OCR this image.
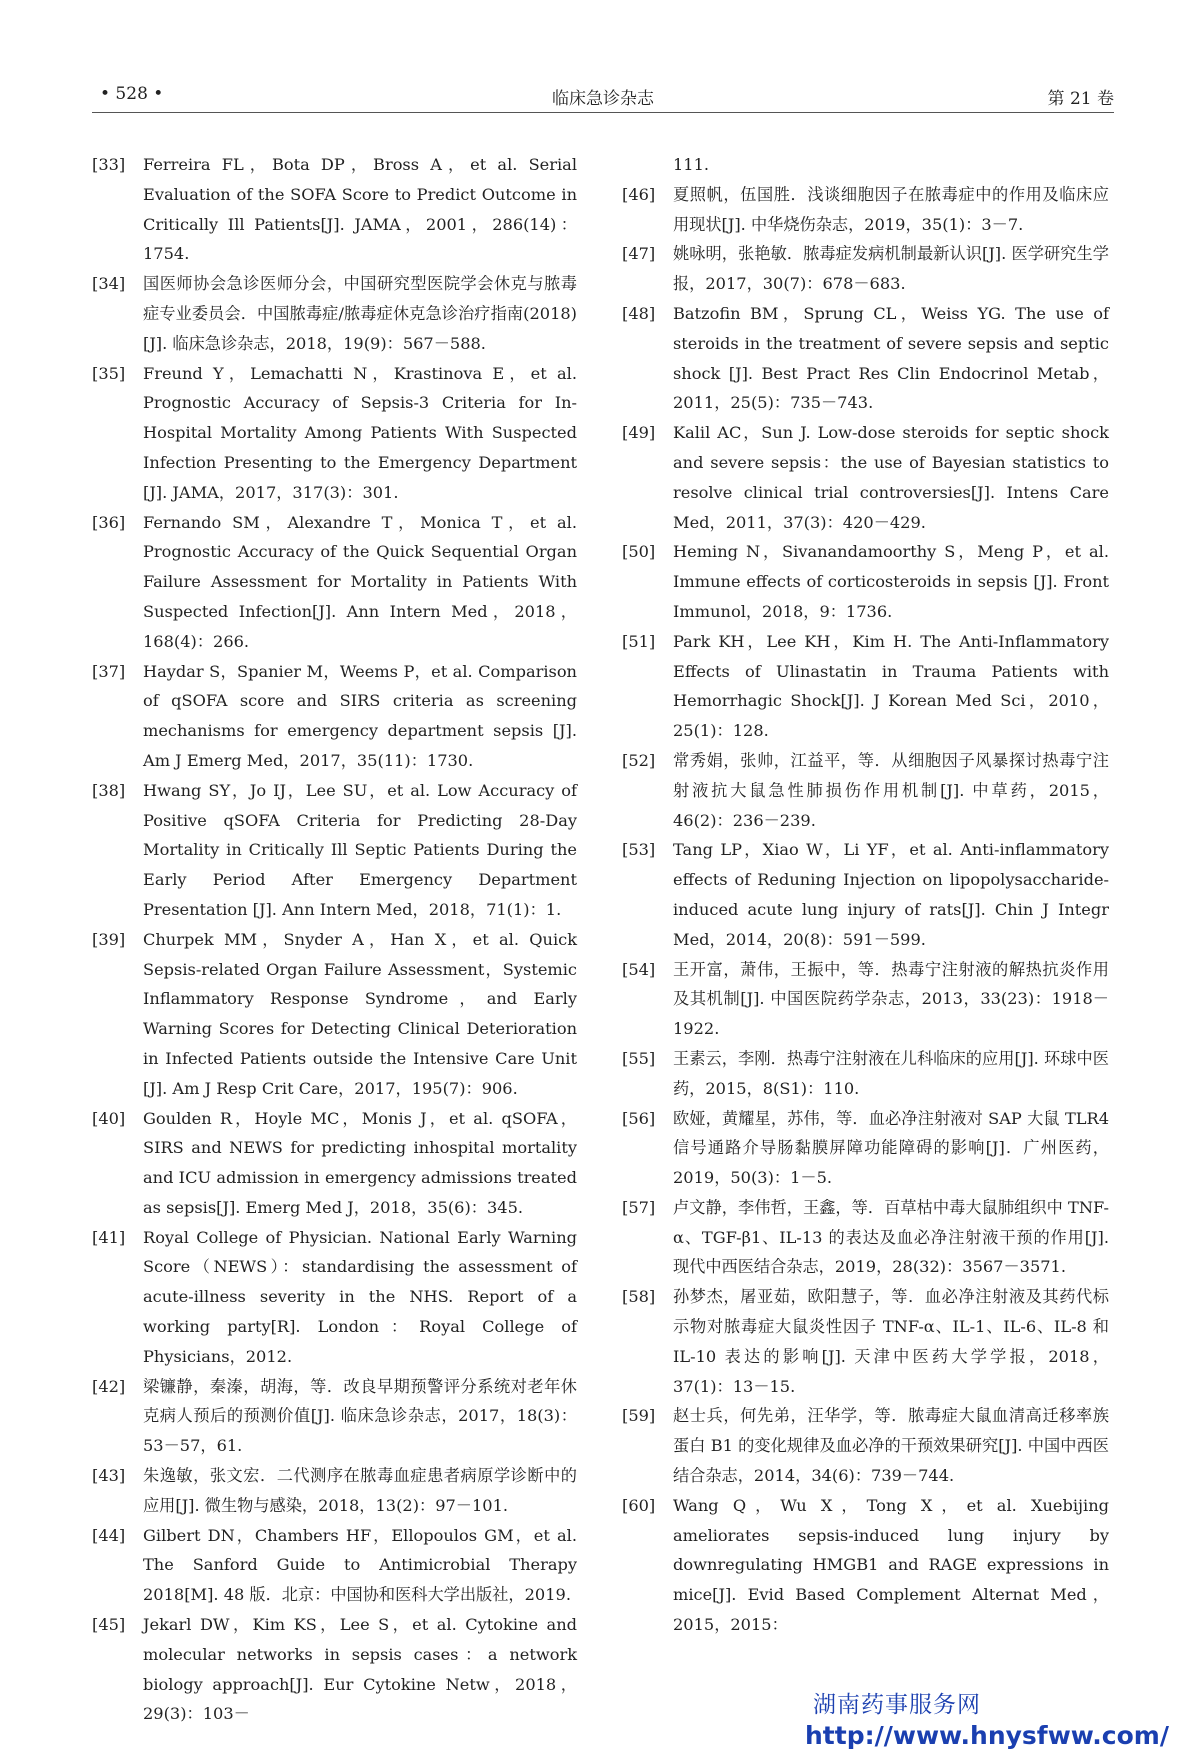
• 528 •	临床急诊杂志	第 21 卷

[33] Ferreira FL，Bota DP，Bross A，et al. Serial Evaluation of the SOFA Score to Predict Outcome in Critically Ill Patients[J]. JAMA，2001，286(14)：1754.

[34] 国医师协会急诊医师分会，中国研究型医院学会休克与脓毒症专业委员会．中国脓毒症/脓毒症休克急诊治疗指南(2018)[J]. 临床急诊杂志，2018，19(9)：567－588.

[35] Freund Y，Lemachatti N，Krastinova E，et al. Prognostic Accuracy of Sepsis-3 Criteria for In-Hospital Mortality Among Patients With Suspected Infection Presenting to the Emergency Department [J]. JAMA，2017，317(3)：301.

[36] Fernando SM，Alexandre T，Monica T，et al. Prognostic Accuracy of the Quick Sequential Organ Failure Assessment for Mortality in Patients With Suspected Infection[J]. Ann Intern Med，2018，168(4)：266.

[37] Haydar S，Spanier M，Weems P，et al. Comparison of qSOFA score and SIRS criteria as screening mechanisms for emergency department sepsis [J]. Am J Emerg Med，2017，35(11)：1730.

[38] Hwang SY，Jo IJ，Lee SU，et al. Low Accuracy of Positive qSOFA Criteria for Predicting 28-Day Mortality in Critically Ill Septic Patients During the Early Period After Emergency Department Presentation [J]. Ann Intern Med，2018，71(1)：1.

[39] Churpek MM，Snyder A，Han X，et al. Quick Sepsis-related Organ Failure Assessment，Systemic Inflammatory Response Syndrome，and Early Warning Scores for Detecting Clinical Deterioration in Infected Patients outside the Intensive Care Unit [J]. Am J Resp Crit Care，2017，195(7)：906.

[40] Goulden R，Hoyle MC，Monis J，et al. qSOFA，SIRS and NEWS for predicting inhospital mortality and ICU admission in emergency admissions treated as sepsis[J]. Emerg Med J，2018，35(6)：345.

[41] Royal College of Physician. National Early Warning Score（NEWS）：standardising the assessment of acute-illness severity in the NHS. Report of a working party[R]. London：Royal College of Physicians，2012.

[42] 梁镰静，秦溱，胡海，等．改良早期预警评分系统对老年休克病人预后的预测价值[J]. 临床急诊杂志，2017，18(3)：53－57，61.

[43] 朱逸敏，张文宏．二代测序在脓毒血症患者病原学诊断中的应用[J]. 微生物与感染，2018，13(2)：97－101.

[44] Gilbert DN，Chambers HF，Ellopoulos GM，et al. The Sanford Guide to Antimicrobial Therapy 2018[M]. 48 版．北京：中国协和医科大学出版社，2019.

[45] Jekarl DW，Kim KS，Lee S，et al. Cytokine and molecular networks in sepsis cases：a network biology approach[J]. Eur Cytokine Netw，2018，29(3)：103－

111.

[46] 夏照帆，伍国胜．浅谈细胞因子在脓毒症中的作用及临床应用现状[J]. 中华烧伤杂志，2019，35(1)：3－7.

[47] 姚咏明，张艳敏．脓毒症发病机制最新认识[J]. 医学研究生学报，2017，30(7)：678－683.

[48] Batzofin BM，Sprung CL，Weiss YG. The use of steroids in the treatment of severe sepsis and septic shock [J]. Best Pract Res Clin Endocrinol Metab，2011，25(5)：735－743.

[49] Kalil AC，Sun J. Low-dose steroids for septic shock and severe sepsis：the use of Bayesian statistics to resolve clinical trial controversies[J]. Intens Care Med，2011，37(3)：420－429.

[50] Heming N，Sivanandamoorthy S，Meng P，et al. Immune effects of corticosteroids in sepsis [J]. Front Immunol，2018，9：1736.

[51] Park KH，Lee KH，Kim H. The Anti-Inflammatory Effects of Ulinastatin in Trauma Patients with Hemorrhagic Shock[J]. J Korean Med Sci，2010，25(1)：128.

[52] 常秀娟，张帅，江益平，等．从细胞因子风暴探讨热毒宁注射液抗大鼠急性肺损伤作用机制[J]. 中草药，2015，46(2)：236－239.

[53] Tang LP，Xiao W，Li YF，et al. Anti-inflammatory effects of Reduning Injection on lipopolysaccharide-induced acute lung injury of rats[J]. Chin J Integr Med，2014，20(8)：591－599.

[54] 王开富，萧伟，王振中，等．热毒宁注射液的解热抗炎作用及其机制[J]. 中国医院药学杂志，2013，33(23)：1918－1922.

[55] 王素云，李刚．热毒宁注射液在儿科临床的应用[J]. 环球中医药，2015，8(S1)：110.

[56] 欧娅，黄耀星，苏伟，等．血必净注射液对 SAP 大鼠 TLR4 信号通路介导肠黏膜屏障功能障碍的影响[J]．广州医药，2019，50(3)：1－5.

[57] 卢文静，李伟哲，王鑫，等．百草枯中毒大鼠肺组织中 TNF-α、TGF-β1、IL-13 的表达及血必净注射液干预的作用[J]. 现代中西医结合杂志，2019，28(32)：3567－3571.

[58] 孙梦杰，屠亚茹，欧阳慧子，等．血必净注射液及其药代标示物对脓毒症大鼠炎性因子 TNF-α、IL-1、IL-6、IL-8 和 IL-10 表达的影响[J]. 天津中医药大学学报，2018，37(1)：13－15.

[59] 赵士兵，何先弟，汪华学，等．脓毒症大鼠血清高迁移率族蛋白 B1 的变化规律及血必净的干预效果研究[J]. 中国中西医结合杂志，2014，34(6)：739－744.

[60] Wang Q，Wu X，Tong X，et al. Xuebijing ameliorates sepsis-induced lung injury by downregulating HMGB1 and RAGE expressions in mice[J]. Evid Based Complement Alternat Med，2015，2015：

湖南药事服务网
http://www.hnysfww.com/
